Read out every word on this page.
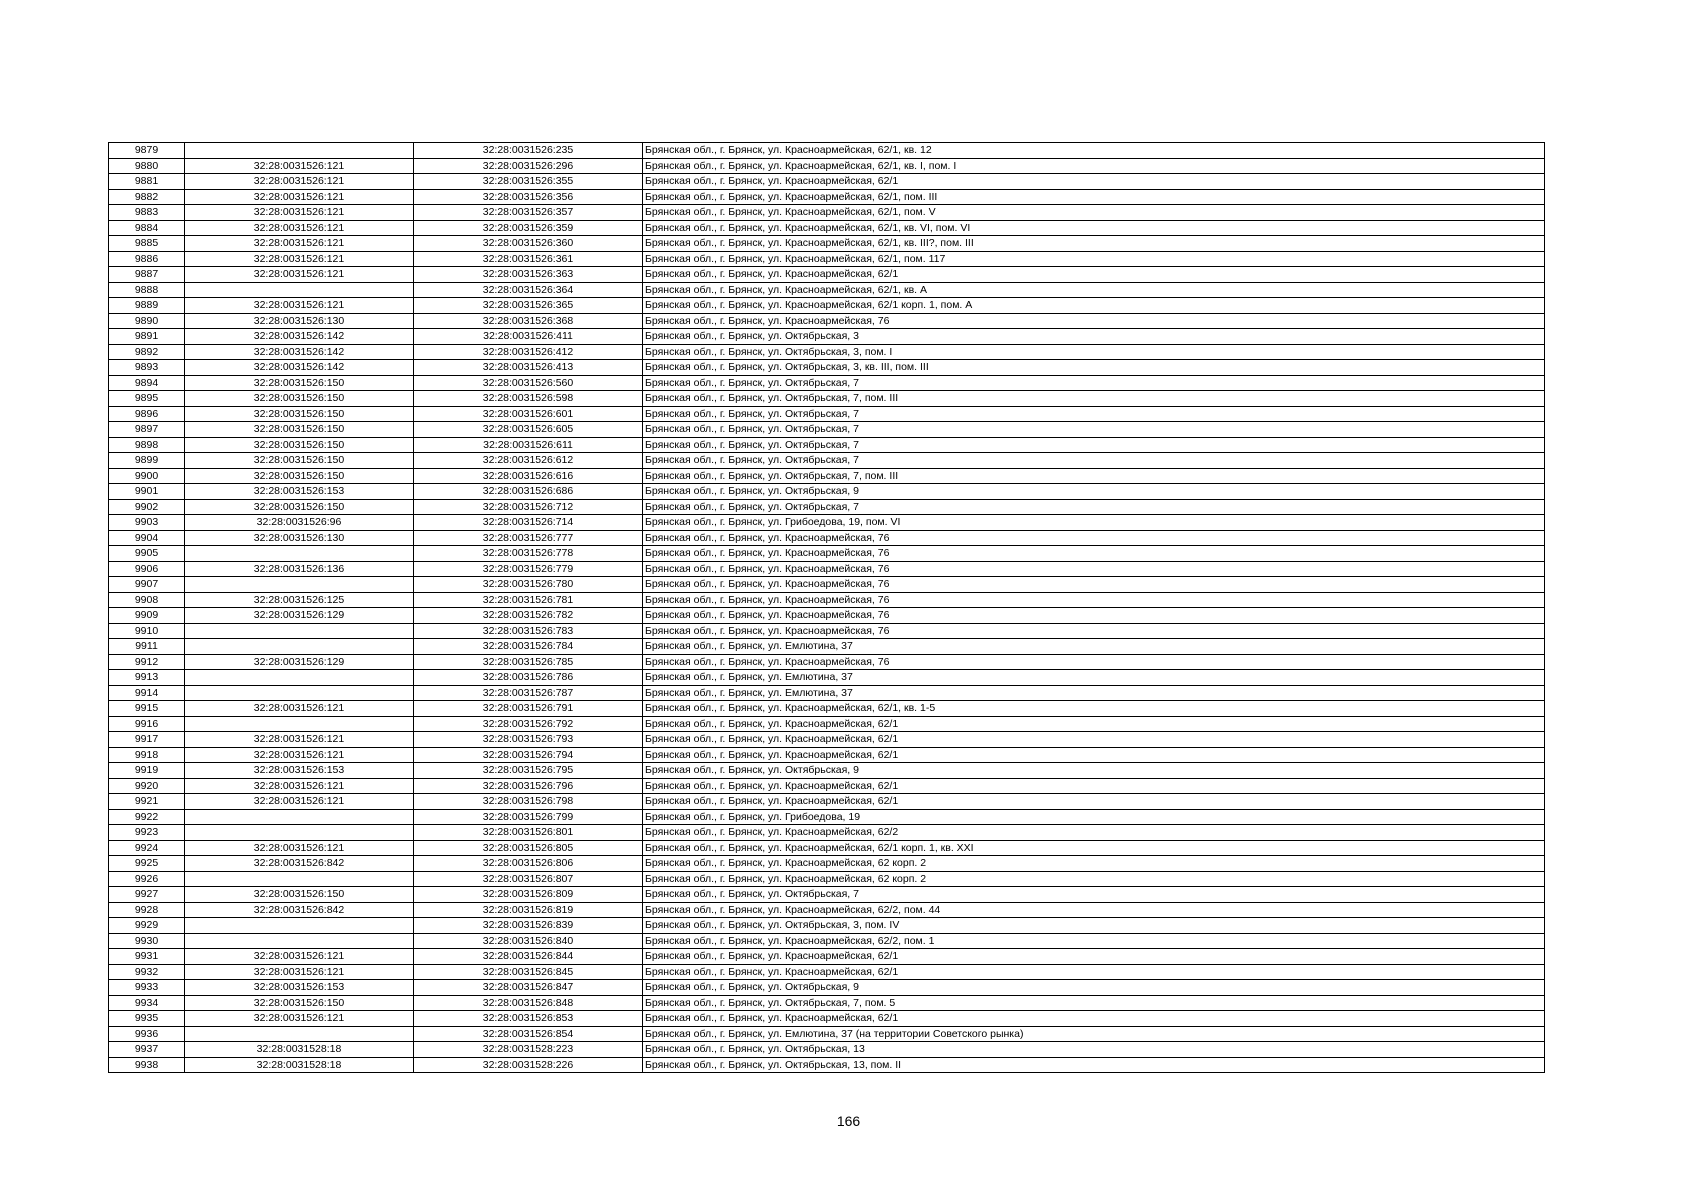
9879		32:28:0031526:235	Брянская обл., г. Брянск, ул. Красноармейская, 62/1, кв. 12
9880	32:28:0031526:121	32:28:0031526:296	Брянская обл., г. Брянск, ул. Красноармейская, 62/1, кв. I, пом. I
9881	32:28:0031526:121	32:28:0031526:355	Брянская обл., г. Брянск, ул. Красноармейская, 62/1
9882	32:28:0031526:121	32:28:0031526:356	Брянская обл., г. Брянск, ул. Красноармейская, 62/1, пом. III
9883	32:28:0031526:121	32:28:0031526:357	Брянская обл., г. Брянск, ул. Красноармейская, 62/1, пом. V
9884	32:28:0031526:121	32:28:0031526:359	Брянская обл., г. Брянск, ул. Красноармейская, 62/1, кв. VI, пом. VI
9885	32:28:0031526:121	32:28:0031526:360	Брянская обл., г. Брянск, ул. Красноармейская, 62/1, кв. III?, пом. III
9886	32:28:0031526:121	32:28:0031526:361	Брянская обл., г. Брянск, ул. Красноармейская, 62/1, пом. 117
9887	32:28:0031526:121	32:28:0031526:363	Брянская обл., г. Брянск, ул. Красноармейская, 62/1
9888		32:28:0031526:364	Брянская обл., г. Брянск, ул. Красноармейская, 62/1, кв. А
9889	32:28:0031526:121	32:28:0031526:365	Брянская обл., г. Брянск, ул. Красноармейская, 62/1 корп. 1, пом. А
9890	32:28:0031526:130	32:28:0031526:368	Брянская обл., г. Брянск, ул. Красноармейская, 76
9891	32:28:0031526:142	32:28:0031526:411	Брянская обл., г. Брянск, ул. Октябрьская, 3
9892	32:28:0031526:142	32:28:0031526:412	Брянская обл., г. Брянск, ул. Октябрьская, 3, пом. I
9893	32:28:0031526:142	32:28:0031526:413	Брянская обл., г. Брянск, ул. Октябрьская, 3, кв. III, пом. III
9894	32:28:0031526:150	32:28:0031526:560	Брянская обл., г. Брянск, ул. Октябрьская, 7
9895	32:28:0031526:150	32:28:0031526:598	Брянская обл., г. Брянск, ул. Октябрьская, 7, пом. III
9896	32:28:0031526:150	32:28:0031526:601	Брянская обл., г. Брянск, ул. Октябрьская, 7
9897	32:28:0031526:150	32:28:0031526:605	Брянская обл., г. Брянск, ул. Октябрьская, 7
9898	32:28:0031526:150	32:28:0031526:611	Брянская обл., г. Брянск, ул. Октябрьская, 7
9899	32:28:0031526:150	32:28:0031526:612	Брянская обл., г. Брянск, ул. Октябрьская, 7
9900	32:28:0031526:150	32:28:0031526:616	Брянская обл., г. Брянск, ул. Октябрьская, 7, пом. III
9901	32:28:0031526:153	32:28:0031526:686	Брянская обл., г. Брянск, ул. Октябрьская, 9
9902	32:28:0031526:150	32:28:0031526:712	Брянская обл., г. Брянск, ул. Октябрьская, 7
9903	32:28:0031526:96	32:28:0031526:714	Брянская обл., г. Брянск, ул. Грибоедова, 19, пом. VI
9904	32:28:0031526:130	32:28:0031526:777	Брянская обл., г. Брянск, ул. Красноармейская, 76
9905		32:28:0031526:778	Брянская обл., г. Брянск, ул. Красноармейская, 76
9906	32:28:0031526:136	32:28:0031526:779	Брянская обл., г. Брянск, ул. Красноармейская, 76
9907		32:28:0031526:780	Брянская обл., г. Брянск, ул. Красноармейская, 76
9908	32:28:0031526:125	32:28:0031526:781	Брянская обл., г. Брянск, ул. Красноармейская, 76
9909	32:28:0031526:129	32:28:0031526:782	Брянская обл., г. Брянск, ул. Красноармейская, 76
9910		32:28:0031526:783	Брянская обл., г. Брянск, ул. Красноармейская, 76
9911		32:28:0031526:784	Брянская обл., г. Брянск, ул. Емлютина, 37
9912	32:28:0031526:129	32:28:0031526:785	Брянская обл., г. Брянск, ул. Красноармейская, 76
9913		32:28:0031526:786	Брянская обл., г. Брянск, ул. Емлютина, 37
9914		32:28:0031526:787	Брянская обл., г. Брянск, ул. Емлютина, 37
9915	32:28:0031526:121	32:28:0031526:791	Брянская обл., г. Брянск, ул. Красноармейская, 62/1, кв. 1-5
9916		32:28:0031526:792	Брянская обл., г. Брянск, ул. Красноармейская, 62/1
9917	32:28:0031526:121	32:28:0031526:793	Брянская обл., г. Брянск, ул. Красноармейская, 62/1
9918	32:28:0031526:121	32:28:0031526:794	Брянская обл., г. Брянск, ул. Красноармейская, 62/1
9919	32:28:0031526:153	32:28:0031526:795	Брянская обл., г. Брянск, ул. Октябрьская, 9
9920	32:28:0031526:121	32:28:0031526:796	Брянская обл., г. Брянск, ул. Красноармейская, 62/1
9921	32:28:0031526:121	32:28:0031526:798	Брянская обл., г. Брянск, ул. Красноармейская, 62/1
9922		32:28:0031526:799	Брянская обл., г. Брянск, ул. Грибоедова, 19
9923		32:28:0031526:801	Брянская обл., г. Брянск, ул. Красноармейская, 62/2
9924	32:28:0031526:121	32:28:0031526:805	Брянская обл., г. Брянск, ул. Красноармейская, 62/1 корп. 1, кв. XXI
9925	32:28:0031526:842	32:28:0031526:806	Брянская обл., г. Брянск, ул. Красноармейская, 62 корп. 2
9926		32:28:0031526:807	Брянская обл., г. Брянск, ул. Красноармейская, 62 корп. 2
9927	32:28:0031526:150	32:28:0031526:809	Брянская обл., г. Брянск, ул. Октябрьская, 7
9928	32:28:0031526:842	32:28:0031526:819	Брянская обл., г. Брянск, ул. Красноармейская, 62/2, пом. 44
9929		32:28:0031526:839	Брянская обл., г. Брянск, ул. Октябрьская, 3, пом. IV
9930		32:28:0031526:840	Брянская обл., г. Брянск, ул. Красноармейская, 62/2, пом. 1
9931	32:28:0031526:121	32:28:0031526:844	Брянская обл., г. Брянск, ул. Красноармейская, 62/1
9932	32:28:0031526:121	32:28:0031526:845	Брянская обл., г. Брянск, ул. Красноармейская, 62/1
9933	32:28:0031526:153	32:28:0031526:847	Брянская обл., г. Брянск, ул. Октябрьская, 9
9934	32:28:0031526:150	32:28:0031526:848	Брянская обл., г. Брянск, ул. Октябрьская, 7, пом. 5
9935	32:28:0031526:121	32:28:0031526:853	Брянская обл., г. Брянск, ул. Красноармейская, 62/1
9936		32:28:0031526:854	Брянская обл., г. Брянск, ул. Емлютина, 37 (на территории Советского рынка)
9937	32:28:0031528:18	32:28:0031528:223	Брянская обл., г. Брянск, ул. Октябрьская, 13
9938	32:28:0031528:18	32:28:0031528:226	Брянская обл., г. Брянск, ул. Октябрьская, 13, пом. II
166
